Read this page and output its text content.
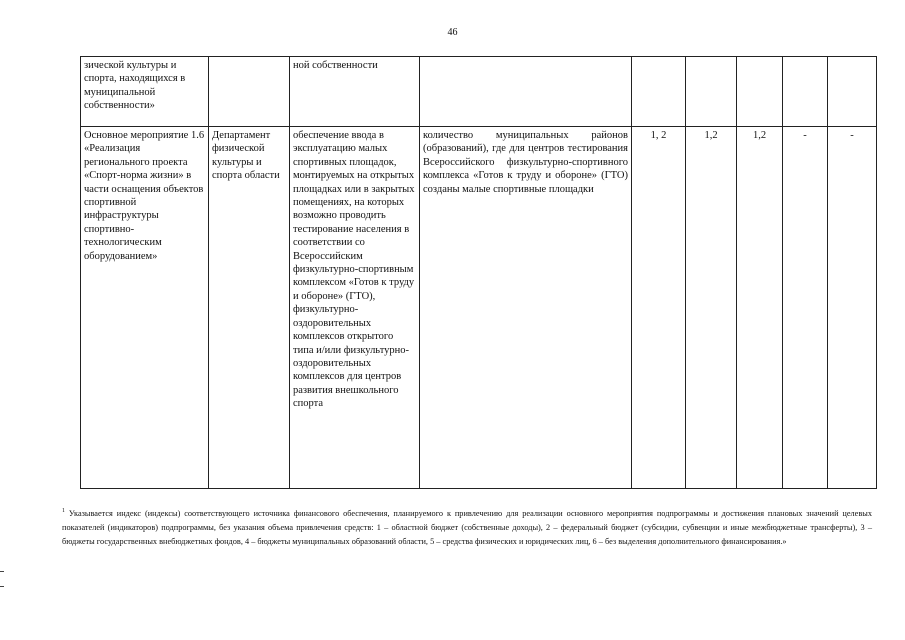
46
зической культуры и спорта, находящихся в муниципальной собственности»		ной собственности						
Основное мероприятие 1.6 «Реализация регионального проекта «Спорт-норма жизни» в части оснащения объектов спортивной инфраструктуры спортивно-технологическим оборудованием»	Департамент физической культуры и спорта области	обеспечение ввода в эксплуатацию малых спортивных площадок, монтируемых на открытых площадках или в закрытых помещениях, на которых возможно проводить тестирование населения в соответствии со Всероссийским физкультурно-спортивным комплексом «Готов к труду и обороне» (ГТО), физкультурно-оздоровительных комплексов открытого типа и/или физкультурно-оздоровительных комплексов для центров развития внешкольного спорта	количество муниципальных районов (образований), где для центров тестирования Всероссийского физкультурно-спортивного комплекса «Готов к труду и обороне» (ГТО) созданы малые спортивные площадки	1, 2	1,2	1,2	-	-
$^1$ Указывается индекс (индексы) соответствующего источника финансового обеспечения, планируемого к привлечению для реализации основного мероприятия подпрограммы и достижения плановых значений целевых показателей (индикаторов) подпрограммы, без указания объема привлечения средств: 1 – областной бюджет (собственные доходы), 2 – федеральный бюджет (субсидии, субвенции и иные межбюджетные трансферты), 3 – бюджеты государственных внебюджетных фондов, 4 – бюджеты муниципальных образований области, 5 – средства физических и юридических лиц, 6 – без выделения дополнительного финансирования.»
